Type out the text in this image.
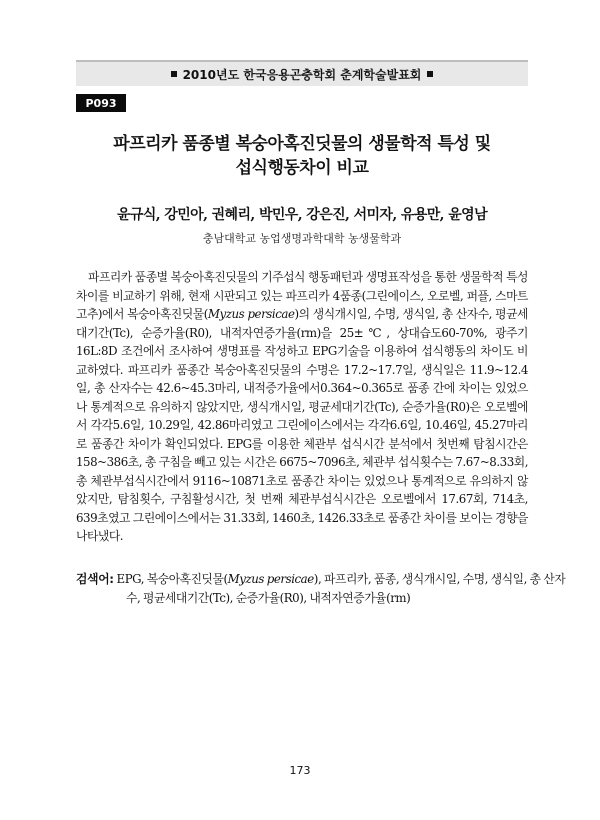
2010년도 한국응용곤충학회 춘계학술발표회
P093
파프리카 품종별 복숭아혹진딧물의 생물학적 특성 및
섭식행동차이 비교
윤규식, 강민아, 권혜리, 박민우, 강은진, 서미자, 유용만, 윤영남
충남대학교 농업생명과학대학 농생물학과
파프리카 품종별 복숭아혹진딧물의 기주섭식 행동패턴과 생명표작성을 통한 생물학적 특성차이를 비교하기 위해, 현재 시판되고 있는 파프리카 4품종(그린에이스, 오로벨, 퍼플, 스마트 고추)에서 복숭아혹진딧물(Myzus persicae)의 생식개시일, 수명, 생식일, 총 산자수, 평균세대기간(Tc), 순증가율(R0), 내적자연증가율(rm)을 25±℃, 상대습도60-70%, 광주기16L:8D 조건에서 조사하여 생명표를 작성하고 EPG기술을 이용하여 섭식행동의 차이도 비교하였다. 파프리카 품종간 복숭아혹진딧물의 수명은 17.2~17.7일, 생식일은 11.9~12.4일, 총 산자수는 42.6~45.3마리, 내적증가율에서0.364~0.365로 품종 간에 차이는 있었으나 통계적으로 유의하지 않았지만, 생식개시일, 평균세대기간(Tc), 순증가율(R0)은 오로벨에서 각각5.6일, 10.29일, 42.86마리였고 그린에이스에서는 각각6.6일, 10.46일, 45.27마리로 품종간 차이가 확인되었다. EPG를 이용한 체관부 섭식시간 분석에서 첫번째 탐침시간은 158~386초, 총 구침을 빼고 있는 시간은 6675~7096초, 체관부 섭식횟수는 7.67~8.33회, 총 체관부섭식시간에서 9116~10871초로 품종간 차이는 있었으나 통계적으로 유의하지 않았지만, 탐침횟수, 구침활성시간, 첫 번째 체관부섭식시간은 오로벨에서 17.67회, 714초, 639초였고 그린에이스에서는 31.33회, 1460초, 1426.33초로 품종간 차이를 보이는 경향을 나타냈다.
검색어: EPG, 복숭아혹진딧물(Myzus persicae), 파프리카, 품종, 생식개시일, 수명, 생식일, 총 산자수, 평균세대기간(Tc), 순증가율(R0), 내적자연증가율(rm)
173
